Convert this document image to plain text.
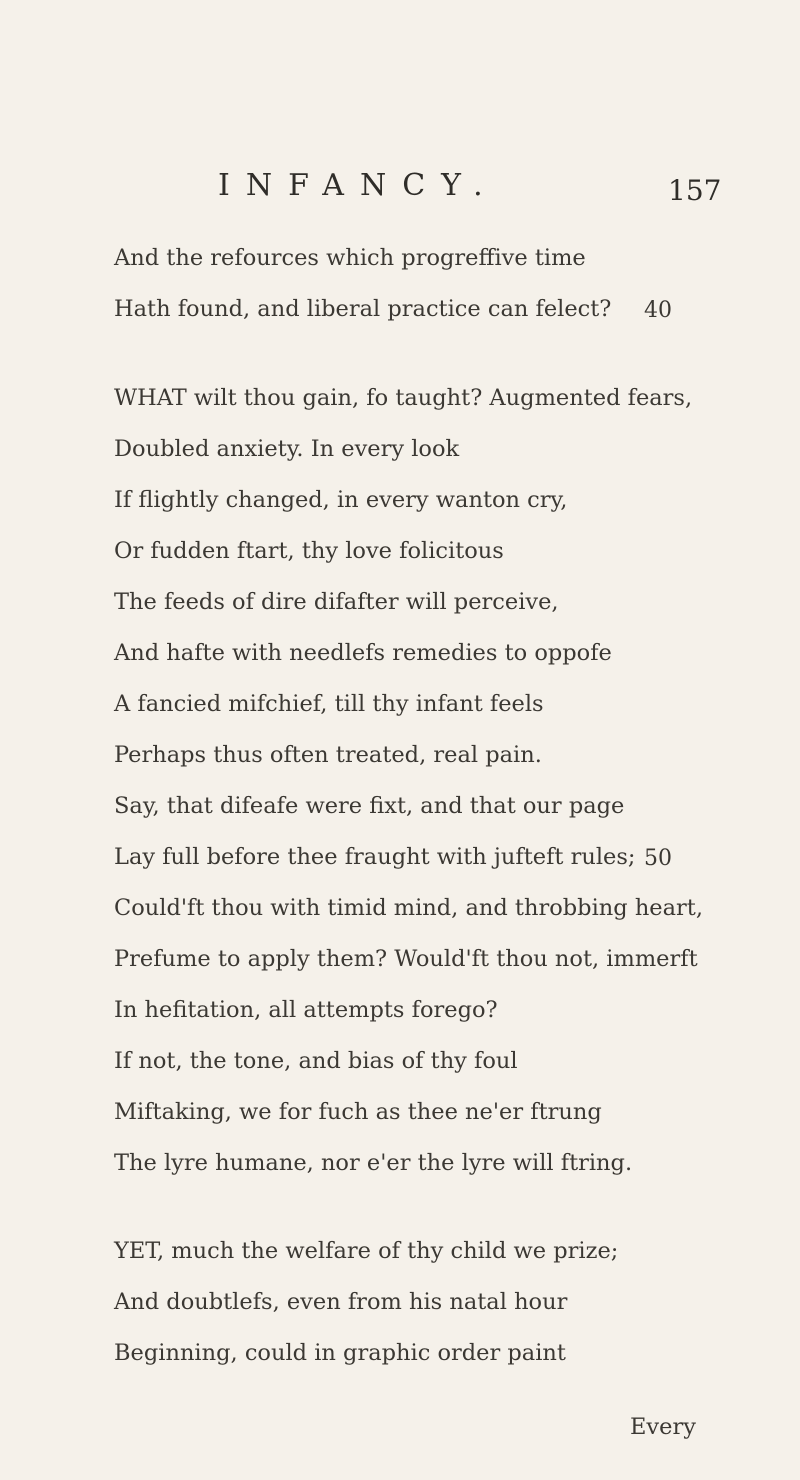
INFANCY.	157
And the refources which progreffive time
Hath found, and liberal practice can felect? 40
WHAT wilt thou gain, fo taught? Augmented fears,
Doubled anxiety. In every look
If flightly changed, in every wanton cry,
Or fudden ftart, thy love folicitous
The feeds of dire difafter will perceive,
And hafte with needlefs remedies to oppofe
A fancied mifchief, till thy infant feels
Perhaps thus often treated, real pain.
Say, that difeafe were fixt, and that our page
Lay full before thee fraught with jufteft rules; 50
Could'ft thou with timid mind, and throbbing heart,
Prefume to apply them? Would'ft thou not, immerft
In hefitation, all attempts forego?
If not, the tone, and bias of thy foul
Miftaking, we for fuch as thee ne'er ftrung
The lyre humane, nor e'er the lyre will ftring.
YET, much the welfare of thy child we prize;
And doubtlefs, even from his natal hour
Beginning, could in graphic order paint
Every
